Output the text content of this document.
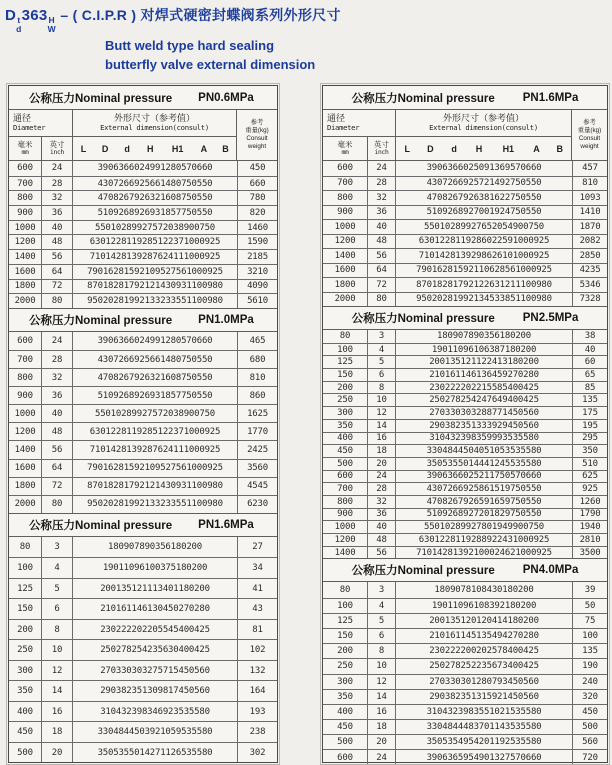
D t
d
363 H
W
– ( C.I.P.R ) 对焊式硬密封蝶阀系列外形尺寸
Butt weld type hard sealing
butterfly valve external dimension
公称压力Nominal pressure PN0.6MPa
通径
Diameter
外形尺寸（参考值）
External dimension(consult)
参考
重量(kg)
Consult
weight
毫米
mm
英寸
inch	L	D	d	H	H1	A	B
600	24	390 636 602 499 1280 570 660	450
700	28	430 726 692 566 1480 750 550	660
800	32	470 826 792 632 1608 750 550	780
900	36	510 926 892 693 1857 750 550	820
1000	40	550 1028 992 757 2038 900 750	1460
1200	48	630 1228 1192 851 2237 1000 925	1590
1400	56	710 1428 1392 876 2411 1000 925	2185
1600	64	790 1628 1592 1095 2756 1000 925	3210
1800	72	870 1828 1792 1214 3093 1100 980	4090
2000	80	950 2028 1992 1332 3355 1100 980	5610
公称压力Nominal pressure PN1.0MPa
600	24	390 636 602 499 1280 570 660	465
700	28	430 726 692 566 1480 750 550	680
800	32	470 826 792 632 1608 750 550	810
900	36	510 926 892 693 1857 750 550	860
1000	40	550 1028 992 757 2038 900 750	1625
1200	48	630 1228 1192 851 2237 1000 925	1770
1400	56	710 1428 1392 876 2411 1000 925	2425
1600	64	790 1628 1592 1095 2756 1000 925	3560
1800	72	870 1828 1792 1214 3093 1100 980	4545
2000	80	950 2028 1992 1332 3355 1100 980	6230
公称压力Nominal pressure PN1.6MPa
80	3	180 90 78 90 356 180 200	27
100	4	190 110 96 100 375 180 200	34
125	5	200 135 121 113 401 180 200	41
150	6	210 161 146 130 450 270 280	43
200	8	230 222 202 205 545 400 425	81
250	10	250 278 254 235 630 400 425	102
300	12	270 330 303 275 715 450 560	132
350	14	290 382 351 309 817 450 560	164
400	16	310 432 398 346 923 535 580	193
450	18	330 484 450 392 1059 535 580	238
500	20	350 535 501 427 1126 535 580	302
公称压力Nominal pressure PN1.6MPa
通径
Diameter
外形尺寸（参考值）
External dimension(consult)
参考
重量(kg)
Consult
weight
毫米
mm
英寸
inch	L	D	d	H	H1	A	B
600	24	390 636 602 509 1369 570 660	457
700	28	430 726 692 572 1492 750 550	810
800	32	470 826 792 638 1622 750 550	1093
900	36	510 926 892 700 1924 750 550	1410
1000	40	550 1028 992 765 2054 900 750	1870
1200	48	630 1228 1192 860 2259 1000 925	2082
1400	56	710 1428 1392 986 2610 1000 925	2850
1600	64	790 1628 1592 1106 2856 1000 925	4235
1800	72	870 1828 1792 1226 3121 1100 980	5346
2000	80	950 2028 1992 1345 3385 1100 980	7328
公称压力Nominal pressure PN2.5MPa
80	3	180 90 78 90 356 180 200	38
100	4	190 110 96 106 387 180 200	40
125	5	200 135 121 122 413 180 200	60
150	6	210 161 146 136 459 270 280	65
200	8	230 222 202 215 585 400 425	85
250	10	250 278 254 247 649 400 425	135
300	12	270 330 303 288 771 450 560	175
350	14	290 382 351 333 929 450 560	195
400	16	310 432 398 359 993 535 580	295
450	18	330 484 450 405 1053 535 580	350
500	20	350 535 501 444 1245 535 580	510
600	24	390 636 602 521 1750 570 660	625
700	28	430 726 692 586 1519 750 550	925
800	32	470 826 792 659 1659 750 550	1260
900	36	510 926 892 720 1829 750 550	1790
1000	40	550 1028 992 780 1949 900 750	1940
1200	48	630 1228 1192 889 2243 1000 925	2810
1400	56	710 1428 1392 1000 2462 1000 925	3500
公称压力Nominal pressure PN4.0MPa
80	3	180 90 78 108 430 180 200	39
100	4	190 110 96 108 392 180 200	50
125	5	200 135 120 120 414 180 200	75
150	6	210 161 145 135 494 270 280	100
200	8	230 222 200 202 578 400 425	135
250	10	250 278 252 235 673 400 425	190
300	12	270 330 301 280 793 450 560	240
350	14	290 382 351 315 921 450 560	320
400	16	310 432 398 355 1021 535 580	450
450	18	330 484 448 370 1143 535 580	500
500	20	350 535 495 420 1192 535 580	560
600	24	390 636 595 490 1327 570 660	720
